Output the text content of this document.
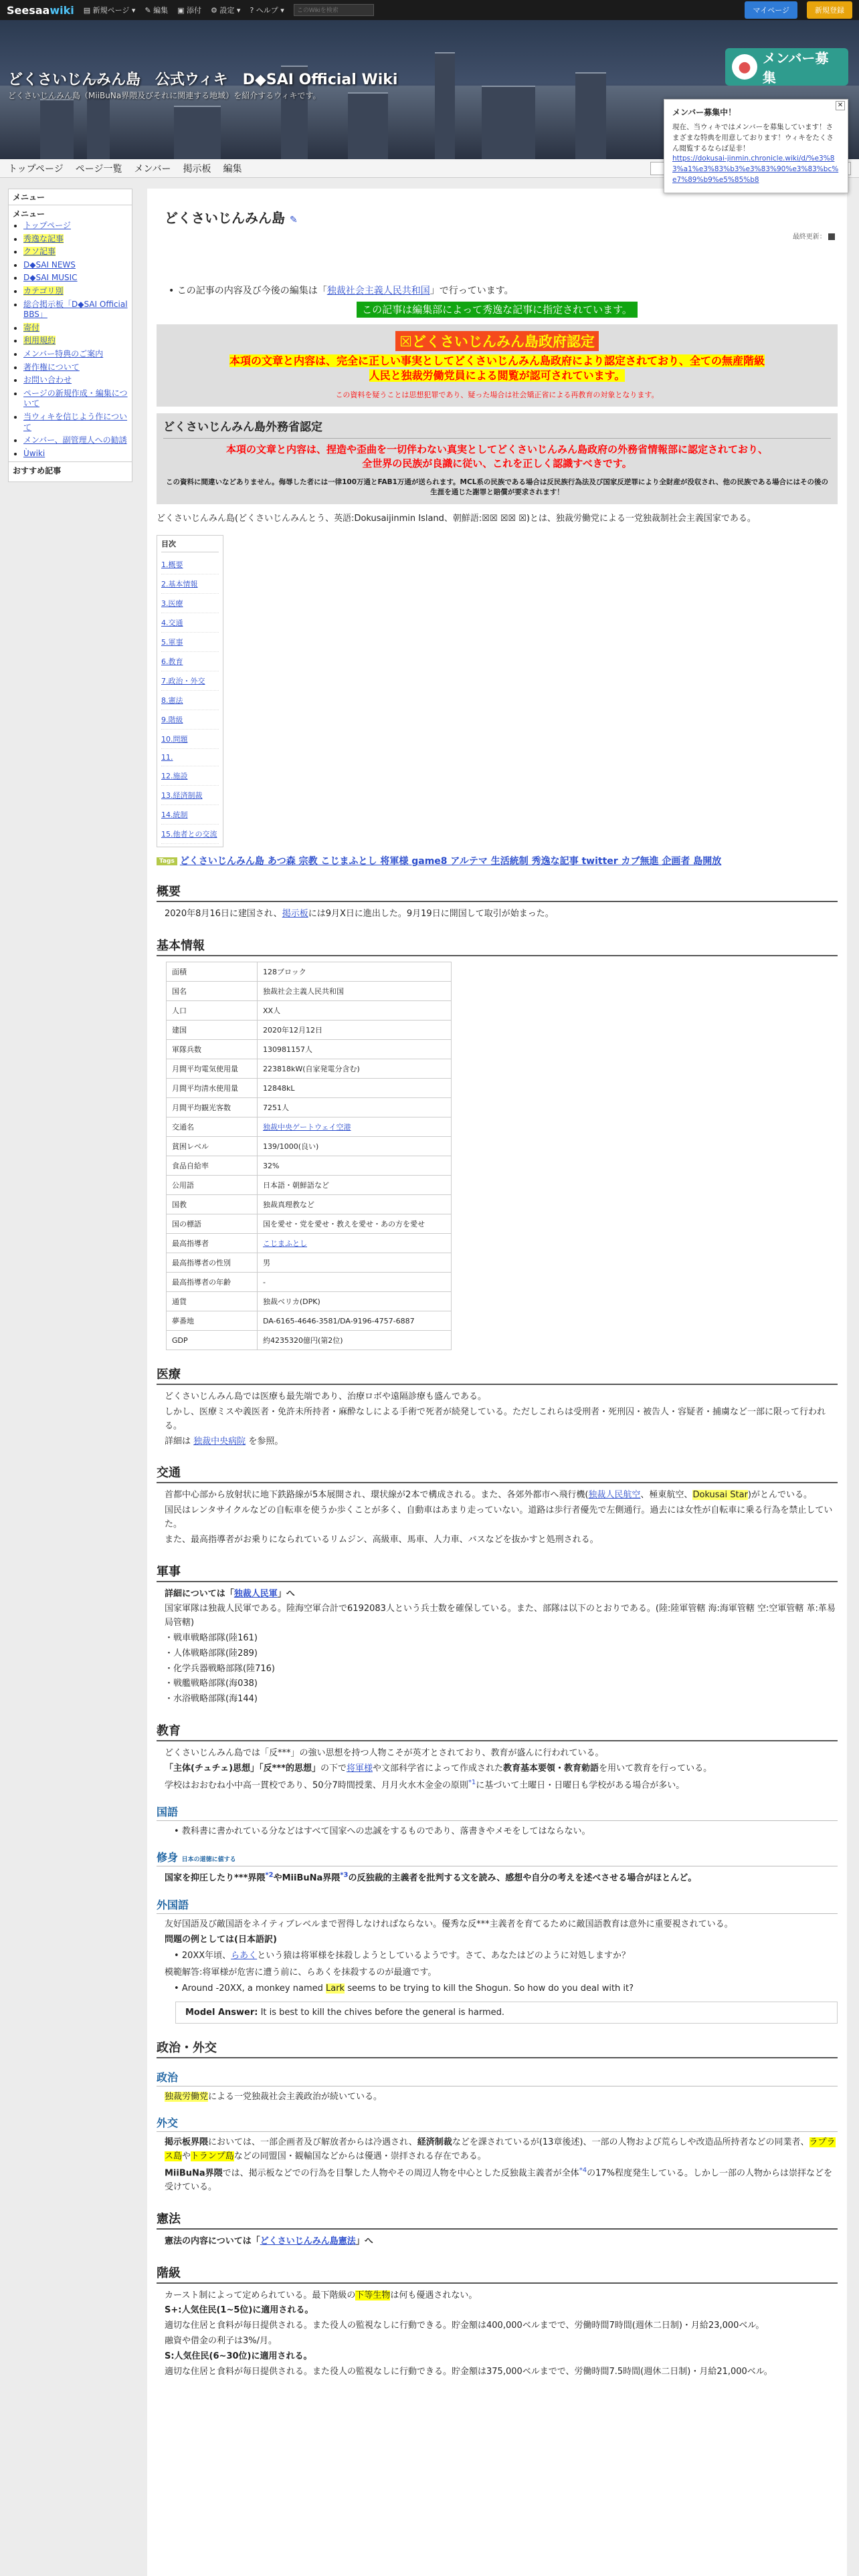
Seesaawiki ▤ 新規ページ ▾ ✎ 編集 ▣ 添付 ⚙ 設定 ▾ ? ヘルプ ▾
このWikiを検索	マイページ	新規登録
どくさいじんみん島　公式ウィキ　D◆SAI Official Wiki
どくさいじんみん島（MiiBuNa界隈及びそれに関連する地域）を紹介するウィキです。
●
メンバー募集
✕
メンバー募集中！
現在、当ウィキではメンバーを募集しています！さまざまな特典を用意しております！ウィキをたくさん閲覧するならば是非！
https://dokusai-jinmin.chronicle.wiki/d/%e3%83%a1%e3%83%b3%e3%83%90%e3%83%bc%e7%89%b9%e5%85%b8
トップページ ページ一覧 メンバー 掲示板 編集
メニュー
メニュー
• トップページ
• 秀逸な記事
• クソ記事
• D◆SAI NEWS
• D◆SAI MUSIC
• カテゴリ別
• 総合掲示板「D◆SAI Official BBS」
• 寄付
• 利用規約
• メンバー特典のご案内
• 著作権について
• お問い合わせ
• ページの新規作成・編集について
• 当ウィキを信じよう作について
• メンバー、副管理人への勧誘
• Ùwiki
おすすめ記事
どくさいじんみん島 ✎
最終更新：
• この記事の内容及び今後の編集は「独裁社会主義人民共和国」で行っています。
この記事は編集部によって秀逸な記事に指定されています。
☒どくさいじんみん島政府認定
本項の文章と内容は、完全に正しい事実としてどくさいじんみん島政府により認定されており、全ての無産階級
人民と独裁労働党員による閲覧が認可されています。
この資料を疑うことは思想犯罪であり、疑った場合は社会矯正省による再教育の対象となります。
どくさいじんみん島外務省認定
本項の文章と内容は、捏造や歪曲を一切伴わない真実としてどくさいじんみん島政府の外務省情報部に認定されており、
全世界の民族が良識に従い、これを正しく認識すべきです。
この資料に間違いなどありません。侮辱した者には一律100万通とFAB1万通が送られます。MCL系の民族である場合は反民族行為法及び国家反逆罪により全財産が没収され、他の民族である場合にはその後の生涯を通じた謝罪と賠償が要求されます！
どくさいじんみん島(どくさいじんみんとう、英語:Dokusaijinmin Island、朝鮮語:☒☒ ☒☒ ☒)とは、独裁労働党による一党独裁制社会主義国家である。
目次
1.概要
2.基本情報
3.医療
4.交通
5.軍事
6.教育
7.政治・外交
8.憲法
9.階級
10.問題
11.
12.施設
13.経済制裁
14.統制
15.他者との交流
Tags どくさいじんみん島 あつ森 宗教 こじまふとし 将軍様 game8 アルテマ 生活統制 秀逸な記事 twitter カブ無進 企画者 島開放
概要
2020年8月16日に建国され、掲示板には9月X日に進出した。9月19日に開国して取引が始まった。
基本情報
面積	128ブロック
国名	独裁社会主義人民共和国
人口	XX人
建国	2020年12月12日
軍隊兵数	130981157人
月間平均電気使用量	223818kW(自家発電分含む)
月間平均清水使用量	12848kL
月間平均観光客数	7251人
交通名	独裁中央ゲートウェイ空港
貧困レベル	139/1000(良い)
食品自給率	32%
公用語	日本語・朝鮮語など
国教	独裁真理教など
国の標語	国を愛せ・党を愛せ・教えを愛せ・あの方を愛せ
最高指導者	こじまふとし
最高指導者の性別	男
最高指導者の年齢	-
通貨	独裁ベリカ(DPK)
夢番地	DA-6165-4646-3581/DA-9196-4757-6887
GDP	約4235320億円(第2位)
医療
どくさいじんみん島では医療も最先端であり、治療ロボや遠隔診療も盛んである。
しかし、医療ミスや義医者・免許未所持者・麻酔なしによる手術で死者が続発している。ただしこれらは受刑者・死刑囚・被告人・容疑者・捕虜など一部に限って行われる。
詳細は 独裁中央病院 を参照。
交通
首都中心部から放射状に地下鉄路線が5本展開され、環状線が2本で構成される。また、各郊外都市へ飛行機(独裁人民航空、極東航空、Dokusai Star)がとんでいる。
国民はレンタサイクルなどの自転車を使うか歩くことが多く、自動車はあまり走っていない。道路は歩行者優先で左側通行。過去には女性が自転車に乗る行為を禁止していた。
また、最高指導者がお乗りになられているリムジン、高級車、馬車、人力車、バスなどを抜かすと処刑される。
軍事
詳細については「独裁人民軍」へ
国家軍隊は独裁人民軍である。陸海空軍合計で6192083人という兵士数を確保している。また、部隊は以下のとおりである。(陸:陸軍管轄 海:海軍管轄 空:空軍管轄 革:革易局管轄)
・戦車戦略部隊(陸161)
・人体戦略部隊(陸289)
・化学兵器戦略部隊(陸716)
・戦艦戦略部隊(海038)
・水浴戦略部隊(海144)
教育
どくさいじんみん島では「反***」の強い思想を持つ人物こそが英才とされており、教育が盛んに行われている。
「主体(チュチェ)思想」「反***的思想」の下で将軍様や文部科学省によって作成された教育基本要領・教育勅語を用いて教育を行っている。
学校はおおむね小中高一貫校であり、50分7時間授業、月月火水木金金の原則$^{*1}$に基づいて土曜日・日曜日も学校がある場合が多い。
国語
• 教科書に書かれている分などはすべて国家への忠誠をするものであり、落書きやメモをしてはならない。
修身 日本の道徳に値する
国家を抑圧したり***界隈$^{*2}$やMiiBuNa界隈$^{*3}$の反独裁的主義者を批判する文を読み、感想や自分の考えを述べさせる場合がほとんど。
外国語
友好国語及び敵国語をネイティブレベルまで習得しなければならない。優秀な反***主義者を育てるために敵国語教育は意外に重要視されている。
問題の例としては(日本語訳)
• 20XX年頃、らあくという猿は将軍様を抹殺しようとしているようです。さて、あなたはどのように対処しますか？
模範解答:将軍様が危害に遭う前に、らあくを抹殺するのが最適です。
• Around -20XX, a monkey named Lark seems to be trying to kill the Shogun. So how do you deal with it?
Model Answer: It is best to kill the chives before the general is harmed.
政治・外交
政治
独裁労働党による一党独裁社会主義政治が続いている。
外交
掲示板界隈においては、一部企画者及び解放者からは冷遇され、経済制裁などを課されているが(13章後述)、一部の人物および荒らしや改造品所持者などの同業者、ラプラス島やトランプ島などの同盟国・観輸国などからは優遇・崇拝される存在である。
MiiBuNa界隈では、掲示板などでの行為を目撃した人物やその周辺人物を中心とした反独裁主義者が全体$^{*4}$の17%程度発生している。しかし一部の人物からは崇拝などを受けている。
憲法
憲法の内容については「どくさいじんみん島憲法」へ
階級
カースト制によって定められている。最下階級の下等生物は何も優遇されない。
S+:人気住民(1~5位)に適用される。
適切な住居と食料が毎日提供される。また役人の監視なしに行動できる。貯金額は400,000ベルまでで、労働時間7時間(週休二日制)・月給23,000ベル。
融資や借金の利子は3%/月。
S:人気住民(6~30位)に適用される。
適切な住居と食料が毎日提供される。また役人の監視なしに行動できる。貯金額は375,000ベルまでで、労働時間7.5時間(週休二日制)・月給21,000ベル。
